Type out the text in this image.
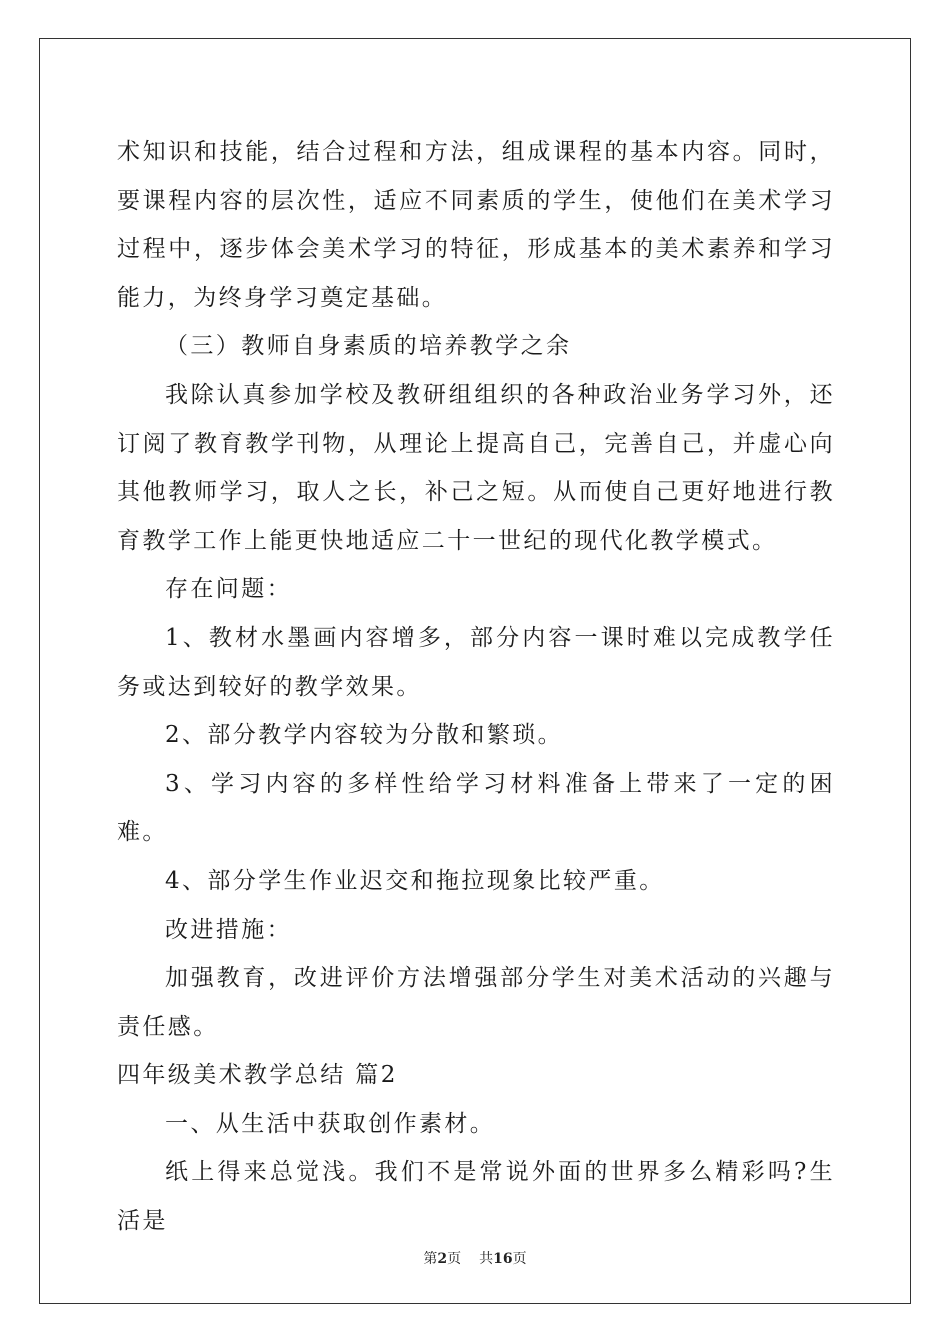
术知识和技能，结合过程和方法，组成课程的基本内容。同时，要课程内容的层次性，适应不同素质的学生，使他们在美术学习过程中，逐步体会美术学习的特征，形成基本的美术素养和学习能力，为终身学习奠定基础。

（三）教师自身素质的培养教学之余

我除认真参加学校及教研组组织的各种政治业务学习外，还订阅了教育教学刊物，从理论上提高自己，完善自己，并虚心向其他教师学习，取人之长，补己之短。从而使自己更好地进行教育教学工作上能更快地适应二十一世纪的现代化教学模式。

存在问题：

1、教材水墨画内容增多，部分内容一课时难以完成教学任务或达到较好的教学效果。

2、部分教学内容较为分散和繁琐。

3、学习内容的多样性给学习材料准备上带来了一定的困难。

4、部分学生作业迟交和拖拉现象比较严重。

改进措施：

加强教育，改进评价方法增强部分学生对美术活动的兴趣与责任感。

四年级美术教学总结 篇2

一、从生活中获取创作素材。

纸上得来总觉浅。我们不是常说外面的世界多么精彩吗?生活是

第2页 共16页
